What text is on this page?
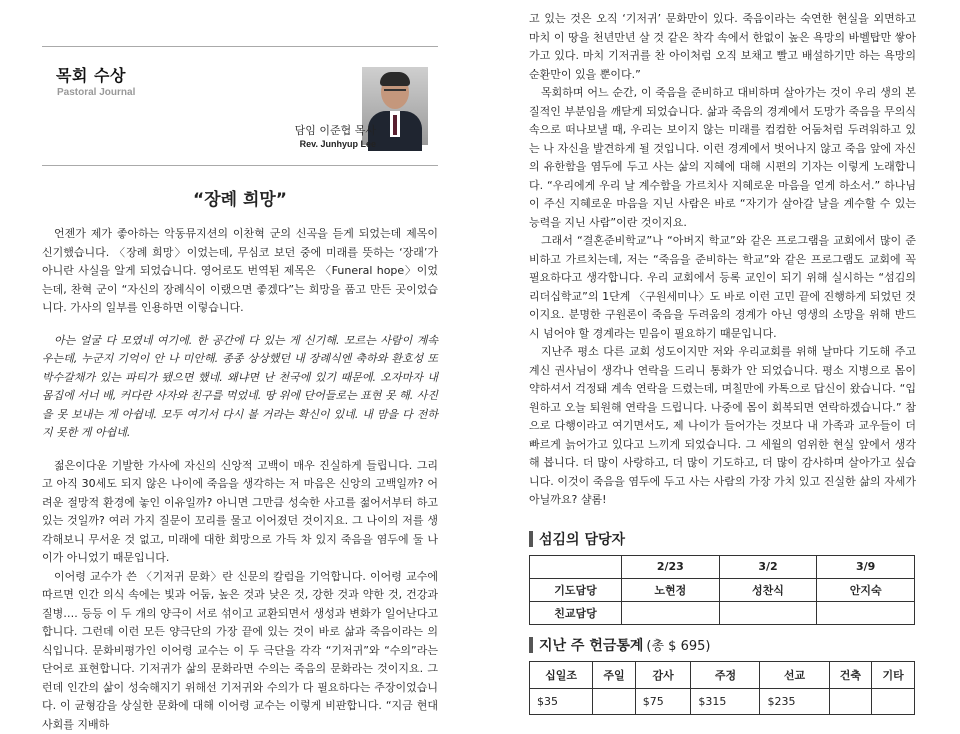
목회 수상
Pastoral Journal
담임 이준협 목사
Rev. Junhyup Lee
“장례 희망”

언젠가 제가 좋아하는 악동뮤지션의 이찬혁 군의 신곡을 듣게 되었는데 제목이 신기했습니다. 〈장례 희망〉이었는데, 무심코 보던 중에 미래를 뜻하는 ‘장래’가 아니란 사실을 알게 되었습니다. 영어로도 번역된 제목은 〈Funeral hope〉이었는데, 찬혁 군이 “자신의 장례식이 이랬으면 좋겠다”는 희망을 품고 만든 곳이었습니다. 가사의 일부를 인용하면 이렇습니다.

아는 얼굴 다 모였네 여기에. 한 공간에 다 있는 게 신기해. 모르는 사람이 계속 우는데, 누군지 기억이 안 나 미안해. 종종 상상했던 내 장례식엔 축하와 환호성 또 박수갈채가 있는 파티가 됐으면 했네. 왜냐면 난 천국에 있기 때문에. 오자마자 내 몸집에 서너 배, 커다란 사자와 친구를 먹었네. 땅 위에 단어들로는 표현 못 해. 사진을 못 보내는 게 아쉽네. 모두 여기서 다시 볼 거라는 확신이 있네. 내 맘을 다 전하지 못한 게 아쉽네.

젊은이다운 기발한 가사에 자신의 신앙적 고백이 매우 진실하게 들립니다. 그리고 아직 30세도 되지 않은 나이에 죽음을 생각하는 저 마음은 신앙의 고백일까? 어려운 절망적 환경에 놓인 이유일까? 아니면 그만큼 성숙한 사고를 젊어서부터 하고 있는 것일까? 여러 가지 질문이 꼬리를 물고 이어졌던 것이지요. 그 나이의 저를 생각해보니 무서운 것 없고, 미래에 대한 희망으로 가득 차 있지 죽음을 염두에 둘 나이가 아니었기 때문입니다.

이어령 교수가 쓴 〈기저귀 문화〉란 신문의 칼럼을 기억합니다. 이어령 교수에 따르면 인간 의식 속에는 빛과 어둠, 높은 것과 낮은 것, 강한 것과 약한 것, 건강과 질병…. 등등 이 두 개의 양극이 서로 섞이고 교환되면서 생성과 변화가 일어난다고 합니다. 그런데 이런 모든 양극단의 가장 끝에 있는 것이 바로 삶과 죽음이라는 의식입니다. 문화비평가인 이어령 교수는 이 두 극단을 각각 “기저귀”와 “수의”라는 단어로 표현합니다. 기저귀가 삶의 문화라면 수의는 죽음의 문화라는 것이지요. 그런데 인간의 삶이 성숙해지기 위해선 기저귀와 수의가 다 필요하다는 주장이었습니다. 이 균형감을 상실한 문화에 대해 이어령 교수는 이렇게 비판합니다. “지금 현대 사회를 지배하

고 있는 것은 오직 ‘기저귀’ 문화만이 있다. 죽음이라는 숙연한 현실을 외면하고 마치 이 땅을 천년만년 살 것 같은 착각 속에서 한없이 높은 욕망의 바벨탑만 쌓아가고 있다. 마치 기저귀를 찬 아이처럼 오직 보채고 빨고 배설하기만 하는 욕망의 순환만이 있을 뿐이다.”

목회하며 어느 순간, 이 죽음을 준비하고 대비하며 살아가는 것이 우리 생의 본질적인 부분임을 깨닫게 되었습니다. 삶과 죽음의 경계에서 도망가 죽음을 무의식 속으로 떠나보낼 때, 우리는 보이지 않는 미래를 컴컴한 어둠처럼 두려워하고 있는 나 자신을 발견하게 될 것입니다. 이런 경계에서 벗어나지 않고 죽음 앞에 자신의 유한함을 염두에 두고 사는 삶의 지혜에 대해 시편의 기자는 이렇게 노래합니다. “우리에게 우리 날 계수함을 가르치사 지혜로운 마음을 얻게 하소서.” 하나님이 주신 지혜로운 마음을 지닌 사람은 바로 “자기가 살아갈 날을 계수할 수 있는 능력을 지닌 사람”이란 것이지요.

그래서 “결혼준비학교”나 “아버지 학교”와 같은 프로그램을 교회에서 많이 준비하고 가르치는데, 저는 “죽음을 준비하는 학교”와 같은 프로그램도 교회에 꼭 필요하다고 생각합니다. 우리 교회에서 등록 교인이 되기 위해 실시하는 “섬김의리더십학교”의 1단계 〈구원세미나〉도 바로 이런 고민 끝에 진행하게 되었던 것이지요. 분명한 구원론이 죽음을 두려움의 경계가 아닌 영생의 소망을 위해 반드시 넘어야 할 경계라는 믿음이 필요하기 때문입니다.

지난주 평소 다른 교회 성도이지만 저와 우리교회를 위해 날마다 기도해 주고 계신 권사님이 생각나 연락을 드리니 통화가 안 되었습니다. 평소 지병으로 몸이 약하셔서 걱정돼 계속 연락을 드렸는데, 며칠만에 카톡으로 답신이 왔습니다. “입원하고 오늘 퇴원해 연락을 드립니다. 나중에 몸이 회복되면 연락하겠습니다.” 참으로 다행이라고 여기면서도, 제 나이가 들어가는 것보다 내 가족과 교우들이 더 빠르게 늙어가고 있다고 느끼게 되었습니다. 그 세월의 엄위한 현실 앞에서 생각해 봅니다. 더 많이 사랑하고, 더 많이 기도하고, 더 많이 감사하며 살아가고 싶습니다. 이것이 죽음을 염두에 두고 사는 사람의 가장 가치 있고 진실한 삶의 자세가 아닐까요? 샬롬!

섬김의 담당자
	2/23	3/2	3/9
기도담당	노현정	성찬식	안지숙
친교담당			
지난 주 헌금통계 (총 $ 695)
십일조	주일	감사	주정	선교	건축	기타
$35		$75	$315	$235		
